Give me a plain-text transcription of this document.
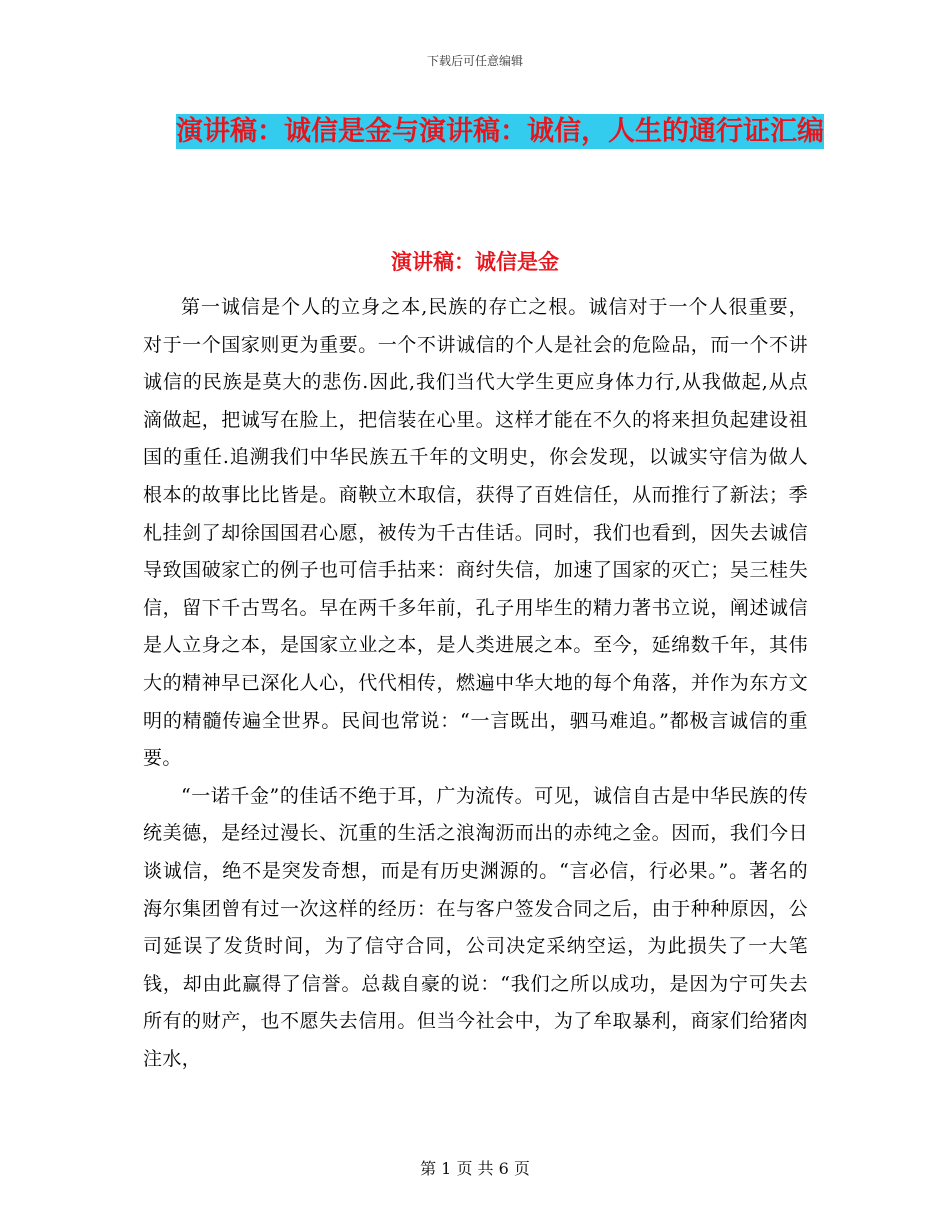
下载后可任意编辑
演讲稿：诚信是金与演讲稿：诚信，人生的通行证汇编
演讲稿：诚信是金

第一诚信是个人的立身之本,民族的存亡之根。诚信对于一个人很重要，对于一个国家则更为重要。一个不讲诚信的个人是社会的危险品，而一个不讲诚信的民族是莫大的悲伤.因此,我们当代大学生更应身体力行,从我做起,从点滴做起，把诚写在脸上，把信装在心里。这样才能在不久的将来担负起建设祖国的重任.追溯我们中华民族五千年的文明史，你会发现，以诚实守信为做人根本的故事比比皆是。商鞅立木取信，获得了百姓信任，从而推行了新法；季札挂剑了却徐国国君心愿，被传为千古佳话。同时，我们也看到，因失去诚信导致国破家亡的例子也可信手拈来：商纣失信，加速了国家的灭亡；吴三桂失信，留下千古骂名。早在两千多年前，孔子用毕生的精力著书立说，阐述诚信是人立身之本，是国家立业之本，是人类进展之本。至今，延绵数千年，其伟大的精神早已深化人心，代代相传，燃遍中华大地的每个角落，并作为东方文明的精髓传遍全世界。民间也常说：“一言既出，驷马难追。”都极言诚信的重要。

“一诺千金”的佳话不绝于耳，广为流传。可见，诚信自古是中华民族的传统美德，是经过漫长、沉重的生活之浪淘沥而出的赤纯之金。因而，我们今日谈诚信，绝不是突发奇想，而是有历史渊源的。“言必信，行必果。”。著名的海尔集团曾有过一次这样的经历：在与客户签发合同之后，由于种种原因，公司延误了发货时间，为了信守合同，公司决定采纳空运，为此损失了一大笔钱，却由此赢得了信誉。总裁自豪的说：“我们之所以成功，是因为宁可失去所有的财产，也不愿失去信用。但当今社会中，为了牟取暴利，商家们给猪肉注水，

第 1 页 共 6 页
